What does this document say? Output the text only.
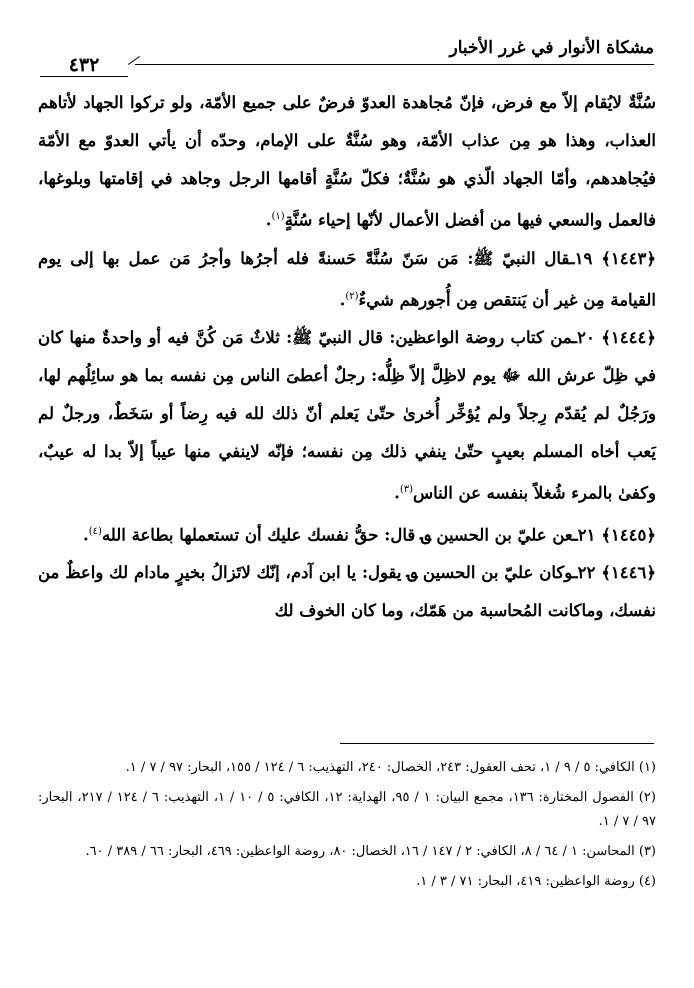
مشكاة الأنوار في غرر الأخبار
٤٣٢

سُنَّةٌ لايُقام إلاّ مع فرض، فإنّ مُجاهدة العدوّ فرضٌ على جميع الأمّة، ولو تركوا الجهاد لأتاهم العذاب، وهذا هو مِن عذاب الأمّة، وهو سُنَّةٌ على الإمام، وحدّه أن يأتي العدوّ مع الأمّة فيُجاهدهم، وأمّا الجهاد الّذي هو سُنَّةٌ؛ فكلّ سُنَّةٍ أقامها الرجل وجاهد في إقامتها وبلوغها، فالعمل والسعي فيها من أفضل الأعمال لأنّها إحياء سُنَّةٍ$^{(١)}$.

﴿١٤٤٣﴾ ١٩ـقال النبيّ ﷺ: مَن سَنّ سُنَّةً حَسنةً فله أجرُها وأجرُ مَن عمل بها إلى يوم القيامة مِن غير أن يَنتقص مِن أُجورهم شيءٌ$^{(٢)}$.

﴿١٤٤٤﴾ ٢٠ـمن كتاب روضة الواعظين: قال النبيّ ﷺ: ثلاثٌ مَن كُنَّ فيه أو واحدةٌ منها كان في ظِلّ عرش الله ﷻ يوم لاظِلَّ إلاّ ظِلُّه: رجلٌ أعطىَ الناس مِن نفسه بما هو سائِلُهم لها، ورَجُلٌ لم يُقدّم رِجلاً ولم يُؤخِّر أُخرىٰ حتّىٰ يَعلم أنّ ذلك لله فيه رِضاً أو سَخَطٌ، ورجلٌ لم يَعب أخاه المسلم بعيبٍ حتّىٰ ينفي ذلك مِن نفسه؛ فإنّه لاينفي منها عيباً إلاّ بدا له عيبٌ، وكفىٰ بالمرء شُغلاً بنفسه عن الناس$^{(٣)}$.

﴿١٤٤٥﴾ ٢١ـعن عليّ بن الحسين ؈ قال: حقُّ نفسك عليك أن تستعملها بطاعة الله$^{(٤)}$.

﴿١٤٤٦﴾ ٢٢ـوكان عليّ بن الحسين ؈ يقول: يا ابن آدم، إنّك لاتَزالُ بخيرٍ مادام لك واعظٌ من نفسك، وماكانت المُحاسبة من هَمّك، وما كان الخوف لك

(١) الكافي: ٥ / ٩ / ١، تحف العقول: ٢٤٣، الخصال: ٢٤٠، التهذيب: ٦ / ١٢٤ / ١٥٥، البحار: ٩٧ / ٧ / ١.

(٢) الفصول المختارة: ١٣٦، مجمع البيان: ١ / ٩٥، الهداية: ١٢، الكافي: ٥ / ١٠ / ١، التهذيب: ٦ / ١٢٤ / ٢١٧، البحار: ٩٧ / ٧ / ١.

(٣) المحاسن: ١ / ٦٤ / ٨، الكافي: ٢ / ١٤٧ / ١٦، الخصال: ٨٠، روضة الواعظين: ٤٦٩، البحار: ٦٦ / ٣٨٩ / ٦٠.

(٤) روضة الواعظين: ٤١٩، البحار: ٧١ / ٣ / ١.
